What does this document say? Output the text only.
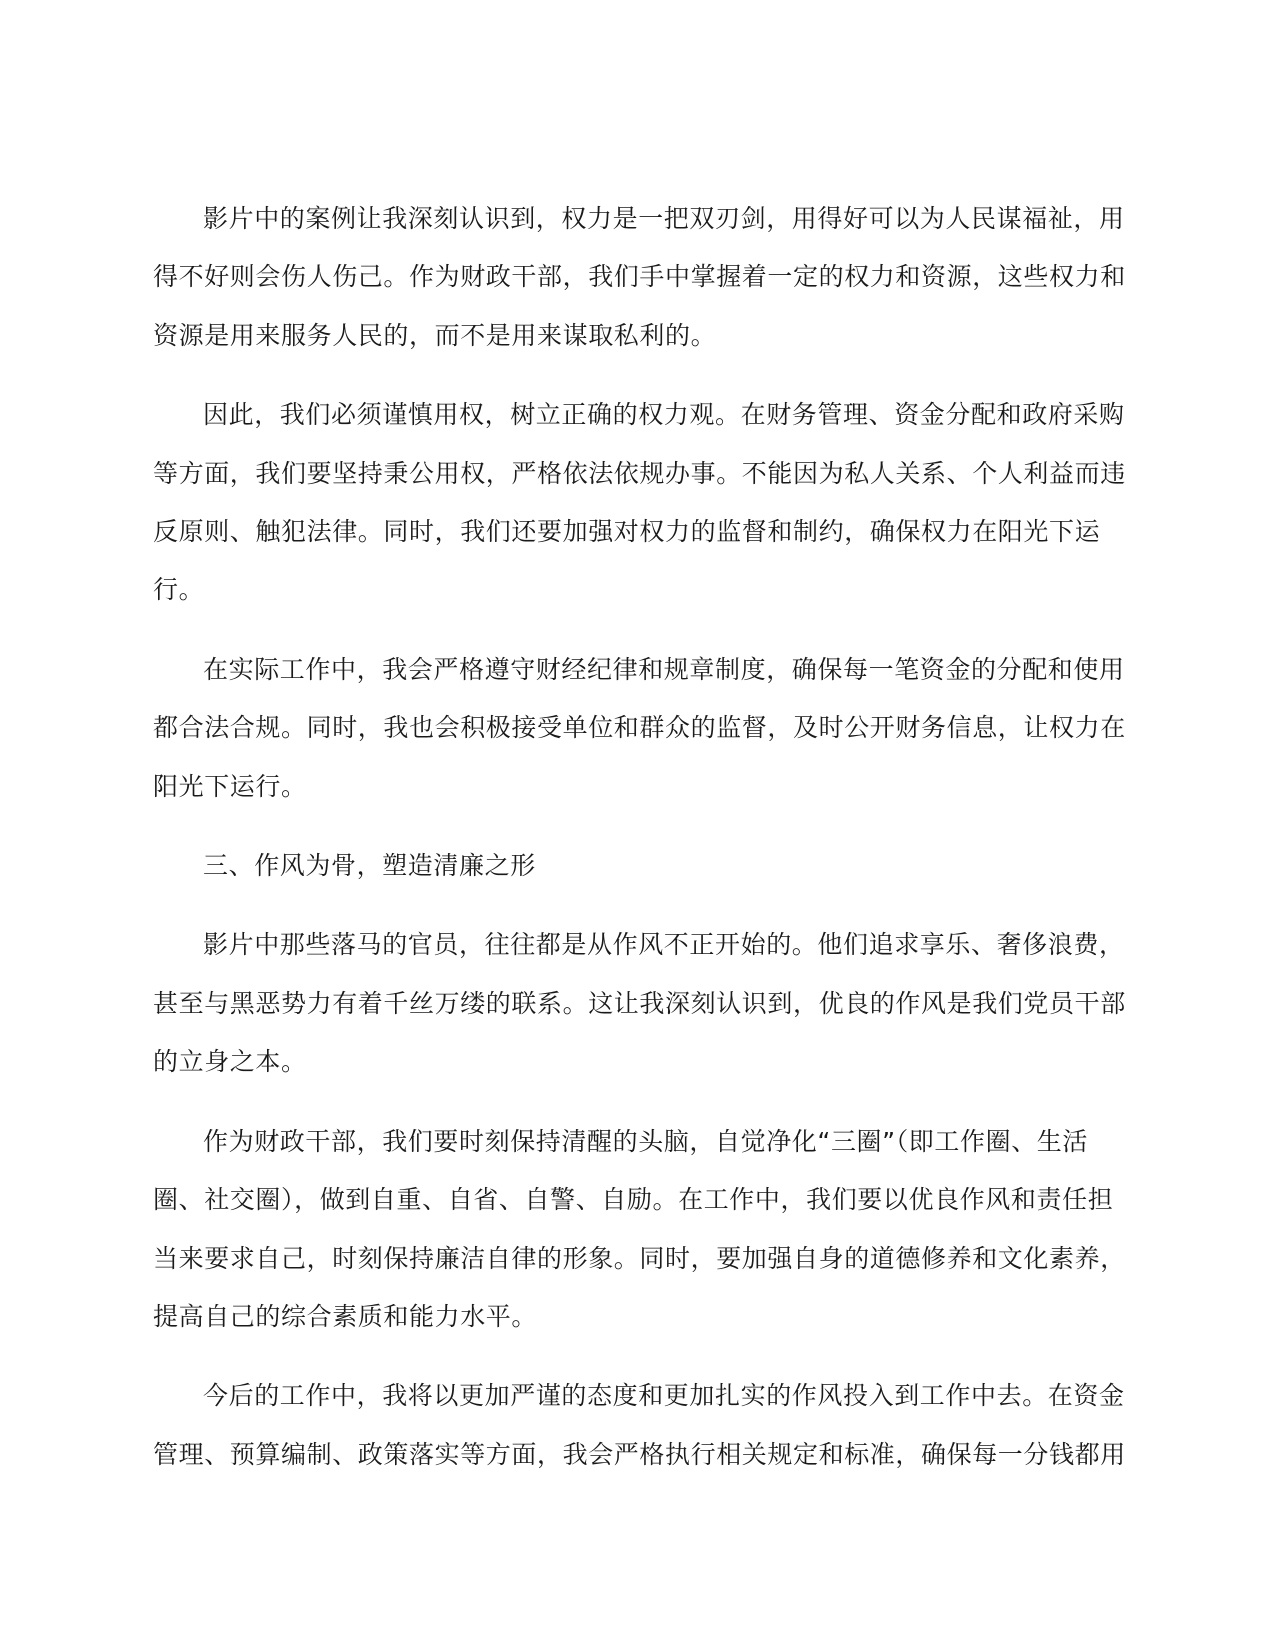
影片中的案例让我深刻认识到，权力是一把双刃剑，用得好可以为人民谋福祉，用
得不好则会伤人伤己。作为财政干部，我们手中掌握着一定的权力和资源，这些权力和
资源是用来服务人民的，而不是用来谋取私利的。
因此，我们必须谨慎用权，树立正确的权力观。在财务管理、资金分配和政府采购
等方面，我们要坚持秉公用权，严格依法依规办事。不能因为私人关系、个人利益而违
反原则、触犯法律。同时，我们还要加强对权力的监督和制约，确保权力在阳光下运
行。
在实际工作中，我会严格遵守财经纪律和规章制度，确保每一笔资金的分配和使用
都合法合规。同时，我也会积极接受单位和群众的监督，及时公开财务信息，让权力在
阳光下运行。
三、作风为骨，塑造清廉之形
影片中那些落马的官员，往往都是从作风不正开始的。他们追求享乐、奢侈浪费，
甚至与黑恶势力有着千丝万缕的联系。这让我深刻认识到，优良的作风是我们党员干部
的立身之本。
作为财政干部，我们要时刻保持清醒的头脑，自觉净化“三圈”（即工作圈、生活
圈、社交圈），做到自重、自省、自警、自励。在工作中，我们要以优良作风和责任担
当来要求自己，时刻保持廉洁自律的形象。同时，要加强自身的道德修养和文化素养，
提高自己的综合素质和能力水平。
今后的工作中，我将以更加严谨的态度和更加扎实的作风投入到工作中去。在资金
管理、预算编制、政策落实等方面，我会严格执行相关规定和标准，确保每一分钱都用
